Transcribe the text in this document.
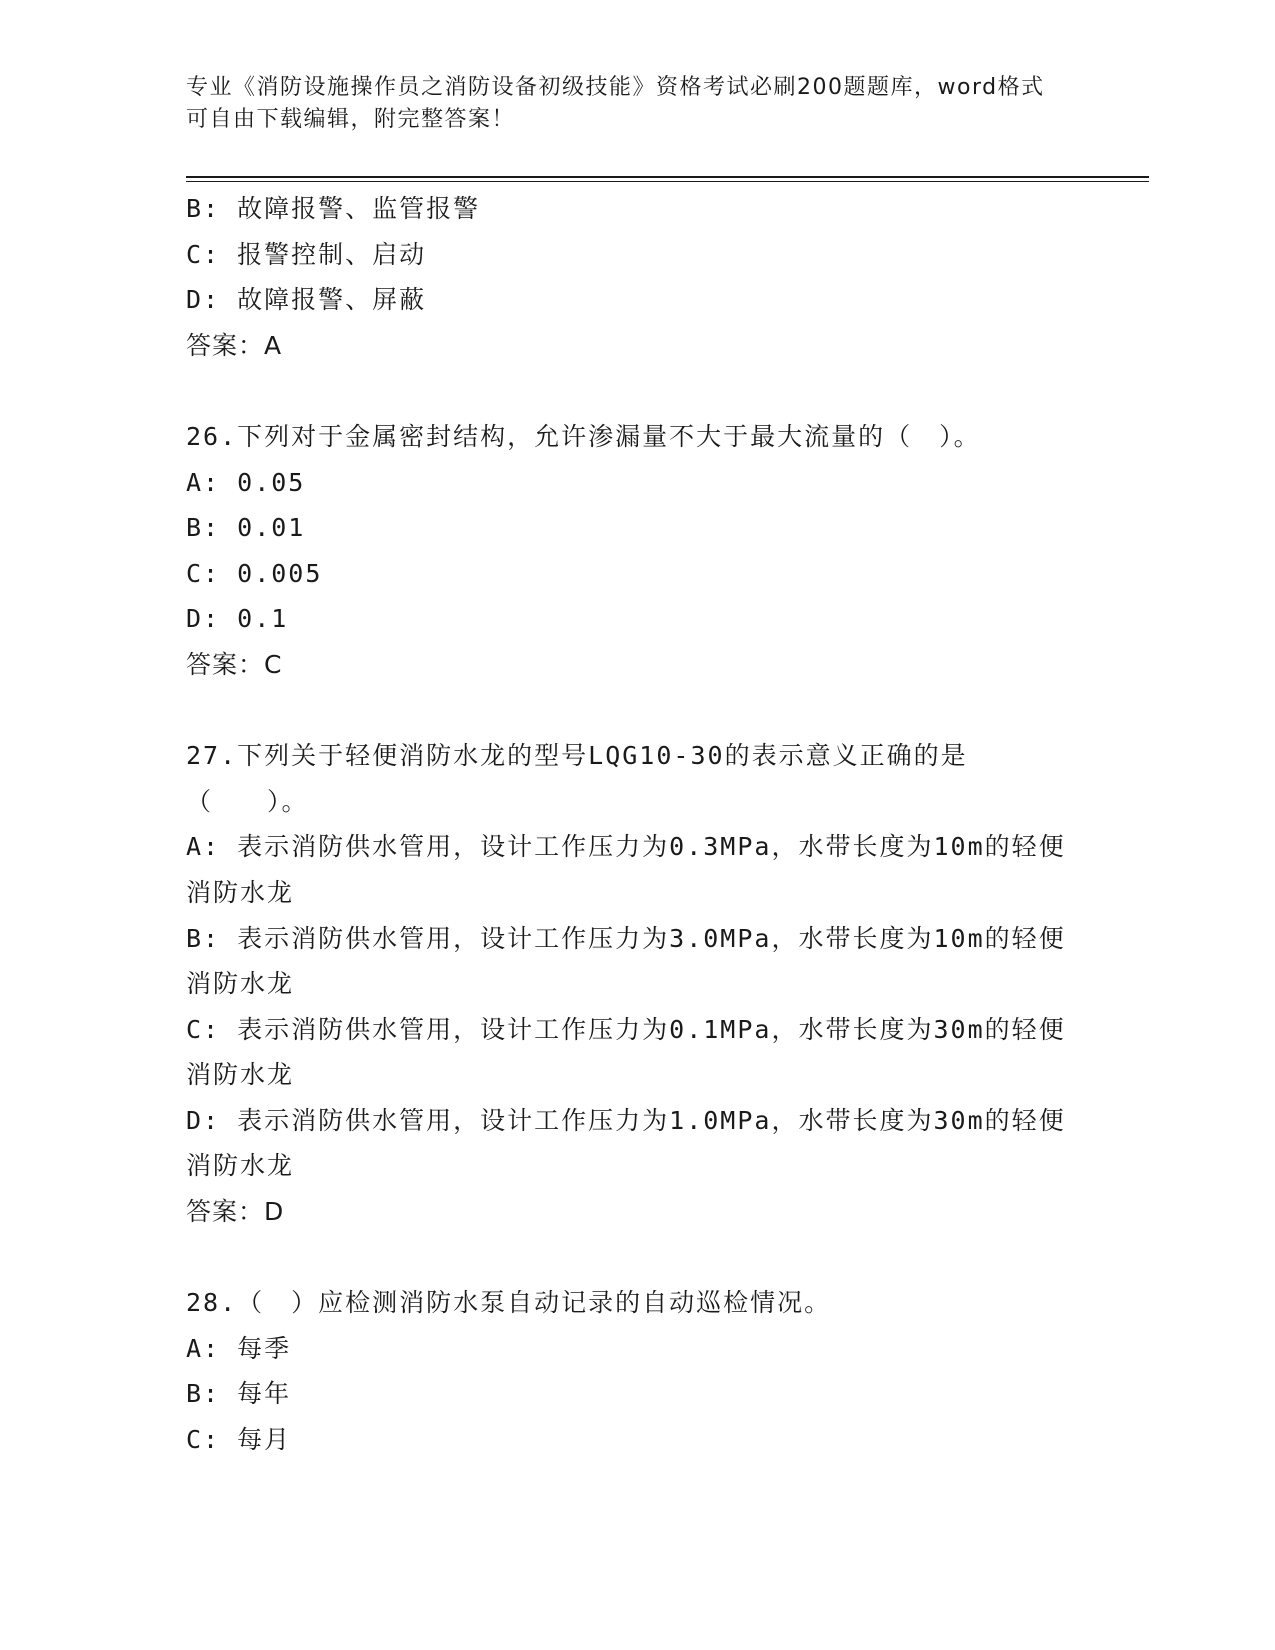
专业《消防设施操作员之消防设备初级技能》资格考试必刷200题题库，word格式可自由下载编辑，附完整答案！
B: 故障报警、监管报警
C: 报警控制、启动
D: 故障报警、屏蔽
答案：A
26.下列对于金属密封结构，允许渗漏量不大于最大流量的（　）。
A: 0.05
B: 0.01
C: 0.005
D: 0.1
答案：C
27.下列关于轻便消防水龙的型号LQG10-30的表示意义正确的是（　　）。
A: 表示消防供水管用，设计工作压力为0.3MPa，水带长度为10m的轻便消防水龙
B: 表示消防供水管用，设计工作压力为3.0MPa，水带长度为10m的轻便消防水龙
C: 表示消防供水管用，设计工作压力为0.1MPa，水带长度为30m的轻便消防水龙
D: 表示消防供水管用，设计工作压力为1.0MPa，水带长度为30m的轻便消防水龙
答案：D
28.（　）应检测消防水泵自动记录的自动巡检情况。
A: 每季
B: 每年
C: 每月
